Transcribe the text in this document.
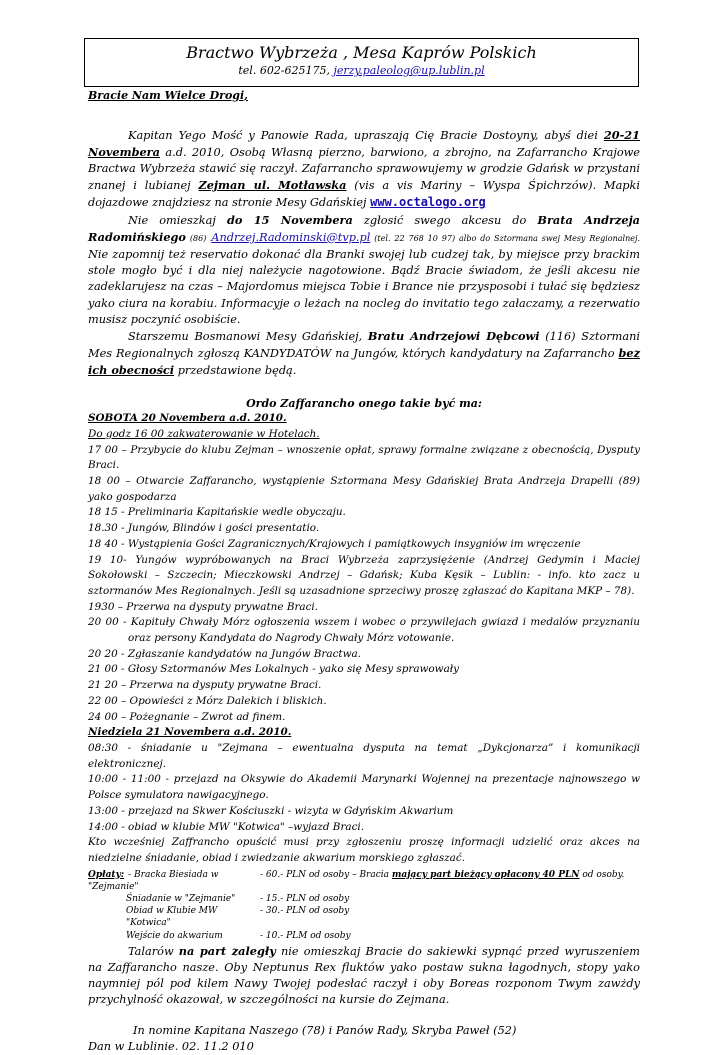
Bractwo Wybrzeża , Mesa Kaprów Polskich
tel. 602-625175, jerzy.paleolog@up.lublin.pl

Bracie Nam Wielce Drogi,

Kapitan Yego Mość y Panowie Rada, upraszają Cię Bracie Dostoyny, abyś diei 20-21 Novembera a.d. 2010, Osobą Własną pierzno, barwiono, a zbrojno, na Zafarrancho Krajowe Bractwa Wybrzeża stawić się raczył. Zafarrancho sprawowujemy w grodzie Gdańsk w przystani znanej i lubianej Zejman ul. Motławska (vis a vis Mariny – Wyspa Śpichrzów). Mapki dojazdowe znajdziesz na stronie Mesy Gdańskiej www.octalogo.org

Nie omieszkaj do 15 Novembera zgłosić swego akcesu do Brata Andrzeja Radomińskiego (86) Andrzej.Radominski@tvp.pl (tel. 22 768 10 97) albo do Sztormana swej Mesy Regionalnej. Nie zapomnij też reservatio dokonać dla Branki swojej lub cudzej tak, by miejsce przy brackim stole mogło być i dla niej należycie nagotowione. Bądź Bracie świadom, że jeśli akcesu nie zadeklarujesz na czas – Majordomus miejsca Tobie i Brance nie przysposobi i tułać się będziesz yako ciura na korabiu. Informacyje o leżach na nocleg do invitatio tego załaczamy, a rezerwatio musisz poczynić osobiście.

Starszemu Bosmanowi Mesy Gdańskiej, Bratu Andrzejowi Dębcowi (116) Sztormani Mes Regionalnych zgłoszą KANDYDATÓW na Jungów, których kandydatury na Zafarrancho bez ich obecności przedstawione będą.

Ordo Zaffarancho onego takie być ma:

SOBOTA 20 Novembera a.d. 2010.

Do godz 16 00 zakwaterowanie w Hotelach.

17 00 – Przybycie do klubu Zejman – wnoszenie opłat, sprawy formalne związane z obecnością, Dysputy Braci.

18 00 – Otwarcie Zaffarancho, wystąpienie Sztormana Mesy Gdańskiej Brata Andrzeja Drapelli (89) yako gospodarza

18 15 - Preliminaria Kapitańskie wedle obyczaju.

18.30 - Jungów, Blindów i gości presentatio.

18 40 - Wystąpienia Gości Zagranicznych/Krajowych i pamiątkowych insygniów im wręczenie

19 10- Yungów wypróbowanych na Braci Wybrzeża zaprzysiężenie (Andrzej Gedymin i Maciej Sokołowski – Szczecin; Mieczkowski Andrzej – Gdańsk; Kuba Kęsik – Lublin: - info. kto zacz u sztormanów Mes Regionalnych. Jeśli są uzasadnione sprzeciwy proszę zgłaszać do Kapitana MKP – 78).

1930 – Przerwa na dysputy prywatne Braci.

20 00 - Kapituły Chwały Mórz ogłoszenia wszem i wobec o przywilejach gwiazd i medalów przyznaniu oraz persony Kandydata do Nagrody Chwały Mórz votowanie.

20 20 - Zgłaszanie kandydatów na Jungów Bractwa.

21 00 - Głosy Sztormanów Mes Lokalnych - yako się Mesy sprawowały

21 20 – Przerwa na dysputy prywatne Braci.

22 00 – Opowieści z Mórz Dalekich i bliskich.

24 00 – Pożegnanie – Zwrot ad finem.

Niedziela 21 Novembera a.d. 2010.

08:30 - śniadanie u "Zejmana – ewentualna dysputa na temat „Dykcjonarza” i komunikacji elektronicznej.

10:00 - 11:00 - przejazd na Oksywie do Akademii Marynarki Wojennej na prezentacje najnowszego w Polsce symulatora nawigacyjnego.

13:00 - przejazd na Skwer Kościuszki - wizyta w Gdyńskim Akwarium

14:00 - obiad w klubie MW "Kotwica" –wyjazd Braci.

Kto wcześniej Zaffrancho opuścić musi przy zgłoszeniu proszę informacji udzielić oraz akces na niedzielne śniadanie, obiad i zwiedzanie akwarium morskiego zgłaszać.

Opłaty: - Bracka Biesiada w "Zejmanie"
- 60.- PLN od osoby – Bracia mający part bieżący opłacony 40 PLN od osoby.
Śniadanie w "Zejmanie"	- 15.- PLN od osoby
Obiad w Klubie MW "Kotwica"
- 30.- PLN od osoby
Wejście do akwarium	- 10.- PLM od osoby

Talarów na part zaległy nie omieszkaj Bracie do sakiewki sypnąć przed wyruszeniem na Zaffarancho nasze. Oby Neptunus Rex fluktów yako postaw sukna łagodnych, stopy yako naymniej pól pod kilem Nawy Twojej podesłać raczył i oby Boreas rozponom Twym zawżdy przychylność okazował, w szczególności na kursie do Zejmana.

In nomine Kapitana Naszego (78) i Panów Rady, Skryba Paweł (52)
Dan w Lublinie. 02. 11.2 010
